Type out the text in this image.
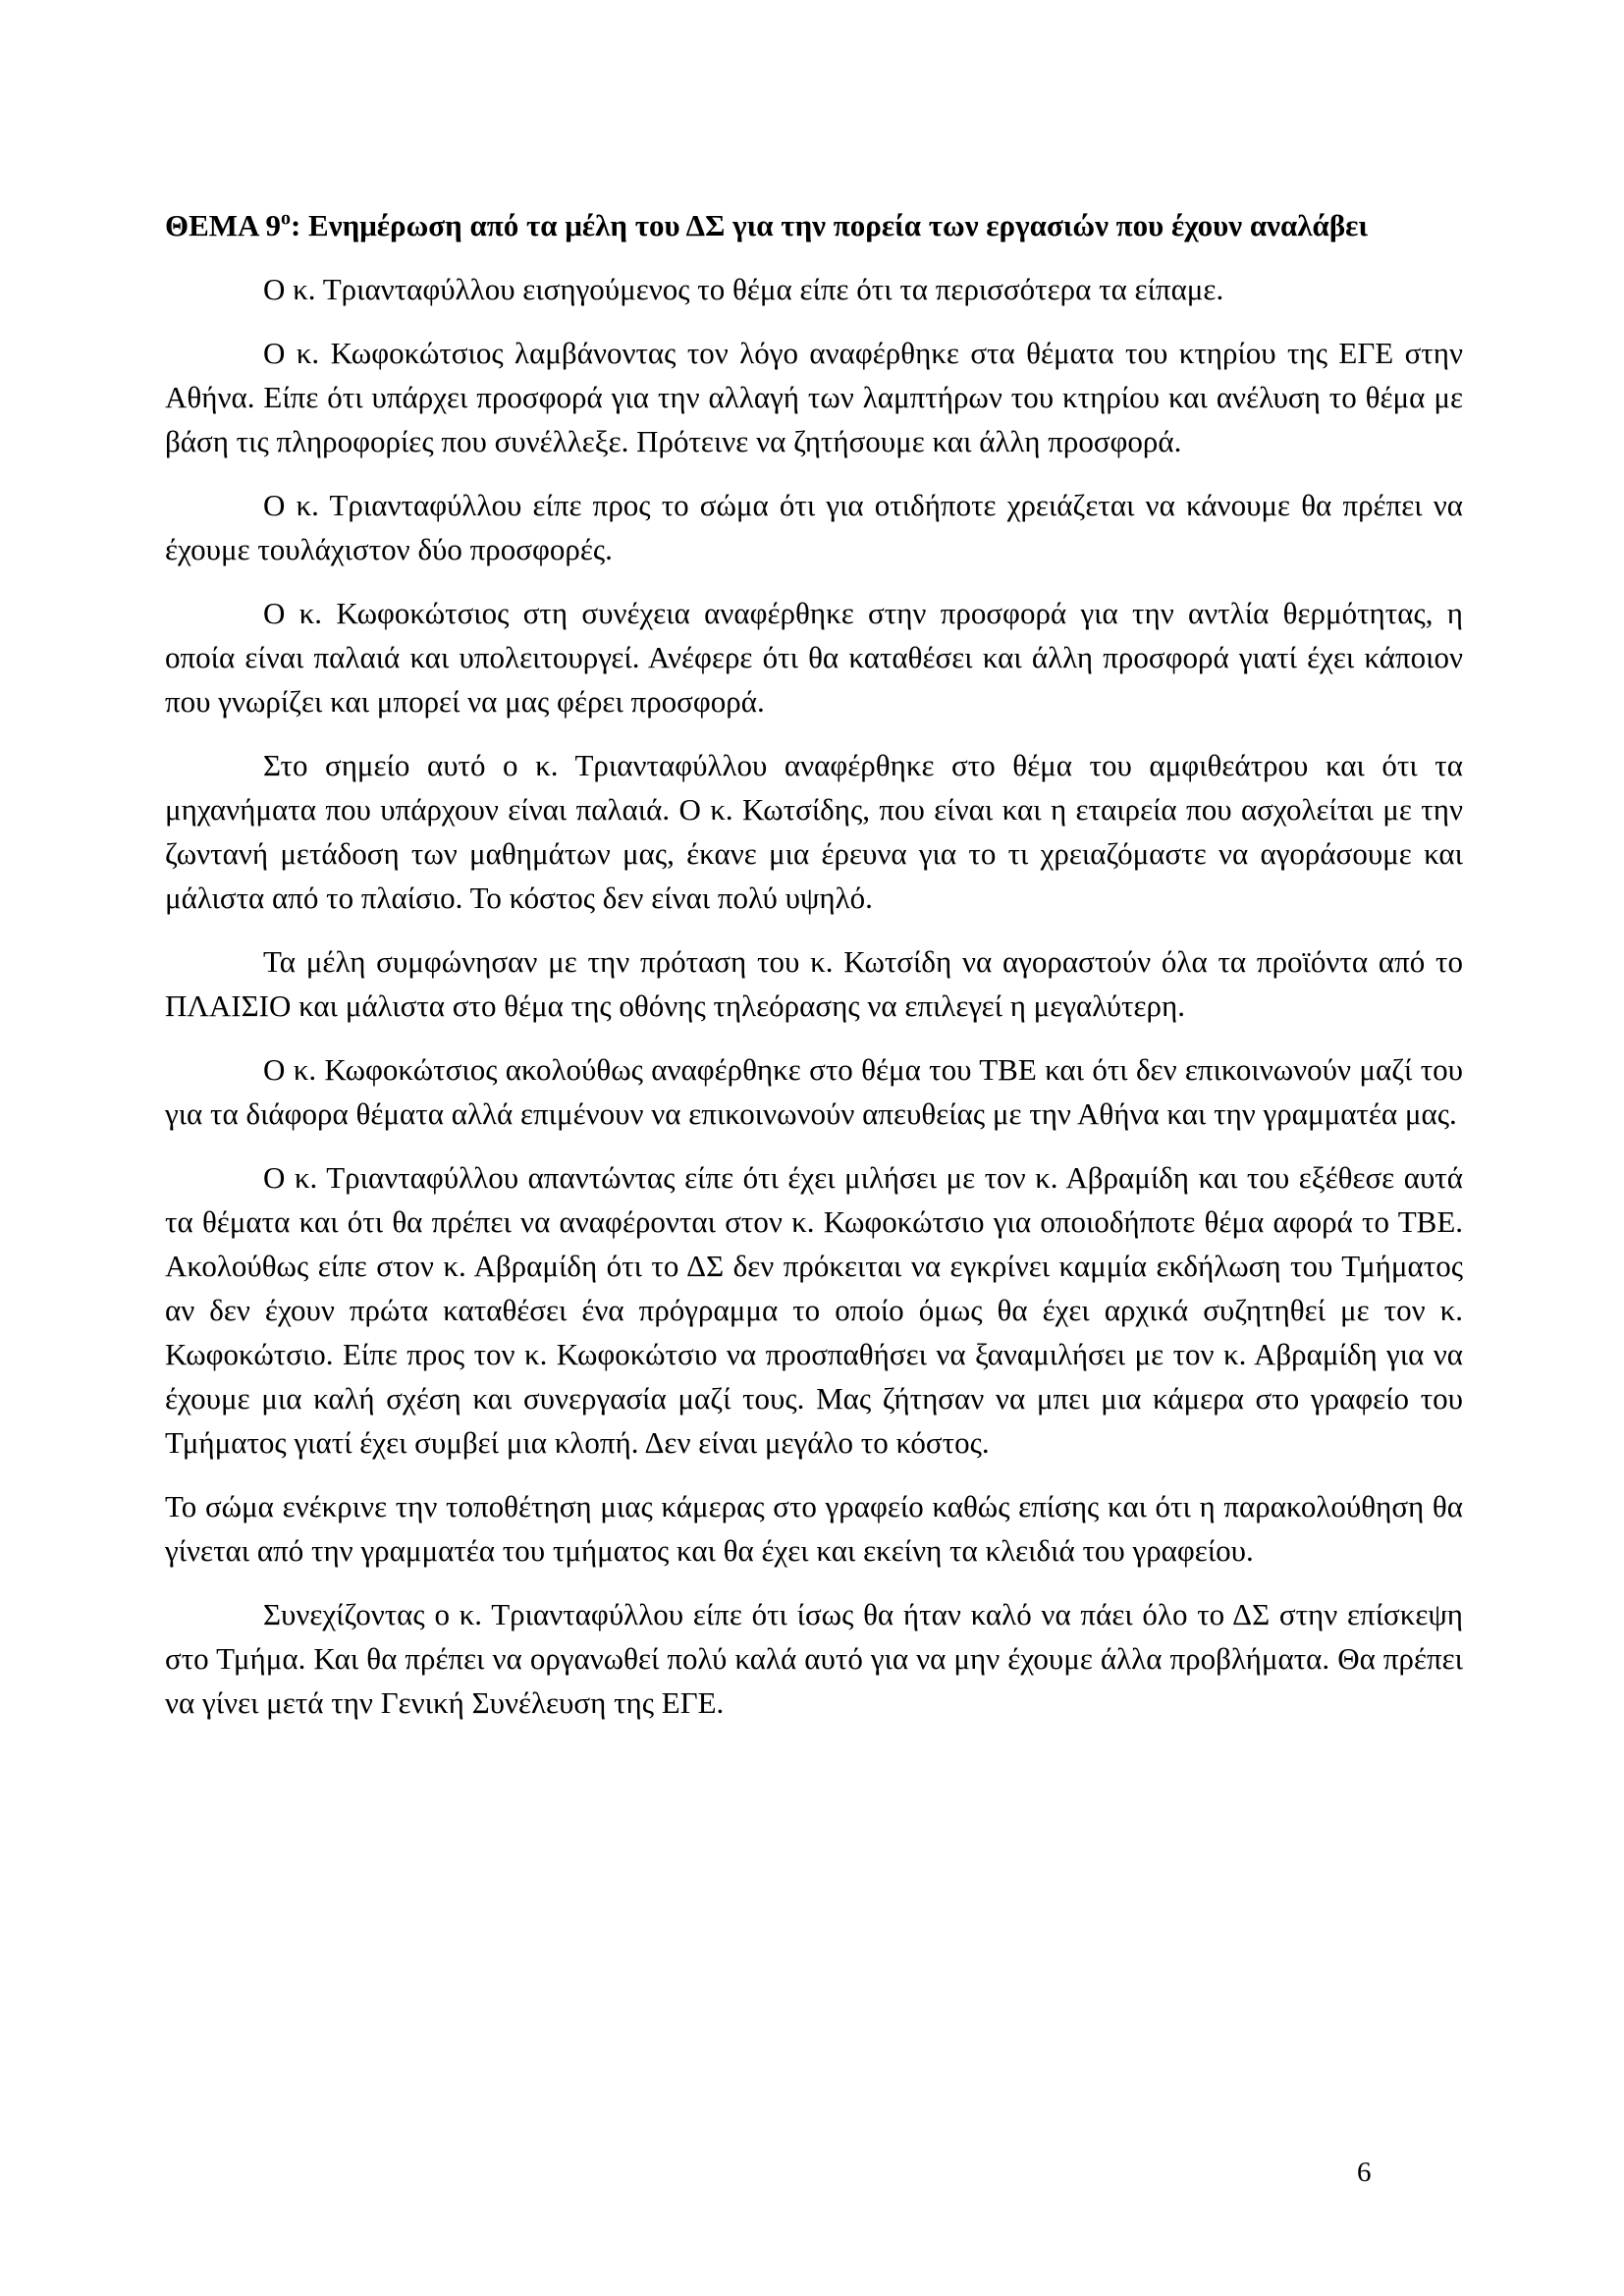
ΘΕΜΑ $9^o$: Ενημέρωση από τα μέλη του ΔΣ για την πορεία των εργασιών που έχουν αναλάβει

Ο κ. Τριανταφύλλου εισηγούμενος το θέμα είπε ότι τα περισσότερα τα είπαμε.

Ο κ. Κωφοκώτσιος λαμβάνοντας τον λόγο αναφέρθηκε στα θέματα του κτηρίου της ΕΓΕ στην Αθήνα. Είπε ότι υπάρχει προσφορά για την αλλαγή των λαμπτήρων του κτηρίου και ανέλυση το θέμα με βάση τις πληροφορίες που συνέλλεξε. Πρότεινε να ζητήσουμε και άλλη προσφορά.

Ο κ. Τριανταφύλλου είπε προς το σώμα ότι για οτιδήποτε χρειάζεται να κάνουμε θα πρέπει να έχουμε τουλάχιστον δύο προσφορές.

Ο κ. Κωφοκώτσιος στη συνέχεια αναφέρθηκε στην προσφορά για την αντλία θερμότητας, η οποία είναι παλαιά και υπολειτουργεί. Ανέφερε ότι θα καταθέσει και άλλη προσφορά γιατί έχει κάποιον που γνωρίζει και μπορεί να μας φέρει προσφορά.

Στο σημείο αυτό ο κ. Τριανταφύλλου αναφέρθηκε στο θέμα του αμφιθεάτρου και ότι τα μηχανήματα που υπάρχουν είναι παλαιά. Ο κ. Κωτσίδης, που είναι και η εταιρεία που ασχολείται με την ζωντανή μετάδοση των μαθημάτων μας, έκανε μια έρευνα για το τι χρειαζόμαστε να αγοράσουμε και μάλιστα από το πλαίσιο. Το κόστος δεν είναι πολύ υψηλό.

Τα μέλη συμφώνησαν με την πρόταση του κ. Κωτσίδη να αγοραστούν όλα τα προϊόντα από το ΠΛΑΙΣΙΟ και μάλιστα στο θέμα της οθόνης τηλεόρασης να επιλεγεί η μεγαλύτερη.

Ο κ. Κωφοκώτσιος ακολούθως αναφέρθηκε στο θέμα του ΤΒΕ και ότι δεν επικοινωνούν μαζί του για τα διάφορα θέματα αλλά επιμένουν να επικοινωνούν απευθείας με την Αθήνα και την γραμματέα μας.

Ο κ. Τριανταφύλλου απαντώντας είπε ότι έχει μιλήσει με τον κ. Αβραμίδη και του εξέθεσε αυτά τα θέματα και ότι θα πρέπει να αναφέρονται στον κ. Κωφοκώτσιο για οποιοδήποτε θέμα αφορά το ΤΒΕ. Ακολούθως είπε στον κ. Αβραμίδη ότι το ΔΣ δεν πρόκειται να εγκρίνει καμμία εκδήλωση του Τμήματος αν δεν έχουν πρώτα καταθέσει ένα πρόγραμμα το οποίο όμως θα έχει αρχικά συζητηθεί με τον κ. Κωφοκώτσιο. Είπε προς τον κ. Κωφοκώτσιο να προσπαθήσει να ξαναμιλήσει με τον κ. Αβραμίδη για να έχουμε μια καλή σχέση και συνεργασία μαζί τους. Μας ζήτησαν να μπει μια κάμερα στο γραφείο του Τμήματος γιατί έχει συμβεί μια κλοπή. Δεν είναι μεγάλο το κόστος.

Το σώμα ενέκρινε την τοποθέτηση μιας κάμερας στο γραφείο καθώς επίσης και ότι η παρακολούθηση θα γίνεται από την γραμματέα του τμήματος και θα έχει και εκείνη τα κλειδιά του γραφείου.

Συνεχίζοντας ο κ. Τριανταφύλλου είπε ότι ίσως θα ήταν καλό να πάει όλο το ΔΣ στην επίσκεψη στο Τμήμα. Και θα πρέπει να οργανωθεί πολύ καλά αυτό για να μην έχουμε άλλα προβλήματα. Θα πρέπει να γίνει μετά την Γενική Συνέλευση της ΕΓΕ.

6
